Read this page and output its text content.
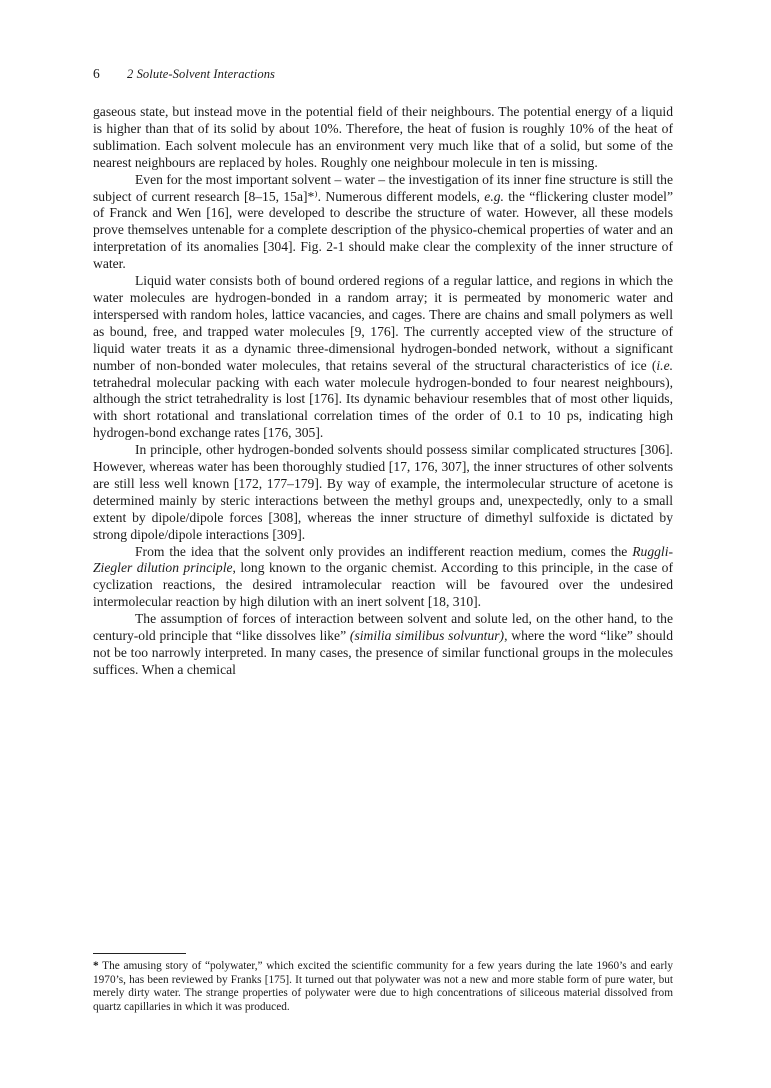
6 2 Solute-Solvent Interactions

gaseous state, but instead move in the potential field of their neighbours. The potential energy of a liquid is higher than that of its solid by about 10%. Therefore, the heat of fusion is roughly 10% of the heat of sublimation. Each solvent molecule has an environment very much like that of a solid, but some of the nearest neighbours are replaced by holes. Roughly one neighbour molecule in ten is missing.

Even for the most important solvent – water – the investigation of its inner fine structure is still the subject of current research [8–15, 15a]*⁾. Numerous different models, e.g. the “flickering cluster model” of Franck and Wen [16], were developed to describe the structure of water. However, all these models prove themselves untenable for a complete description of the physico-chemical properties of water and an interpretation of its anomalies [304]. Fig. 2-1 should make clear the complexity of the inner structure of water.

Liquid water consists both of bound ordered regions of a regular lattice, and regions in which the water molecules are hydrogen-bonded in a random array; it is permeated by monomeric water and interspersed with random holes, lattice vacancies, and cages. There are chains and small polymers as well as bound, free, and trapped water molecules [9, 176]. The currently accepted view of the structure of liquid water treats it as a dynamic three-dimensional hydrogen-bonded network, without a significant number of non-bonded water molecules, that retains several of the structural characteristics of ice (i.e. tetrahedral molecular packing with each water molecule hydrogen-bonded to four nearest neighbours), although the strict tetrahedrality is lost [176]. Its dynamic behaviour resembles that of most other liquids, with short rotational and translational correlation times of the order of 0.1 to 10 ps, indicating high hydrogen-bond exchange rates [176, 305].

In principle, other hydrogen-bonded solvents should possess similar complicated structures [306]. However, whereas water has been thoroughly studied [17, 176, 307], the inner structures of other solvents are still less well known [172, 177–179]. By way of example, the intermolecular structure of acetone is determined mainly by steric interactions between the methyl groups and, unexpectedly, only to a small extent by dipole/dipole forces [308], whereas the inner structure of dimethyl sulfoxide is dictated by strong dipole/dipole interactions [309].

From the idea that the solvent only provides an indifferent reaction medium, comes the Ruggli-Ziegler dilution principle, long known to the organic chemist. According to this principle, in the case of cyclization reactions, the desired intramolecular reaction will be favoured over the undesired intermolecular reaction by high dilution with an inert solvent [18, 310].

The assumption of forces of interaction between solvent and solute led, on the other hand, to the century-old principle that “like dissolves like” (similia similibus solvuntur), where the word “like” should not be too narrowly interpreted. In many cases, the presence of similar functional groups in the molecules suffices. When a chemical

* The amusing story of “polywater,” which excited the scientific community for a few years during the late 1960’s and early 1970’s, has been reviewed by Franks [175]. It turned out that polywater was not a new and more stable form of pure water, but merely dirty water. The strange properties of polywater were due to high concentrations of siliceous material dissolved from quartz capillaries in which it was produced.
